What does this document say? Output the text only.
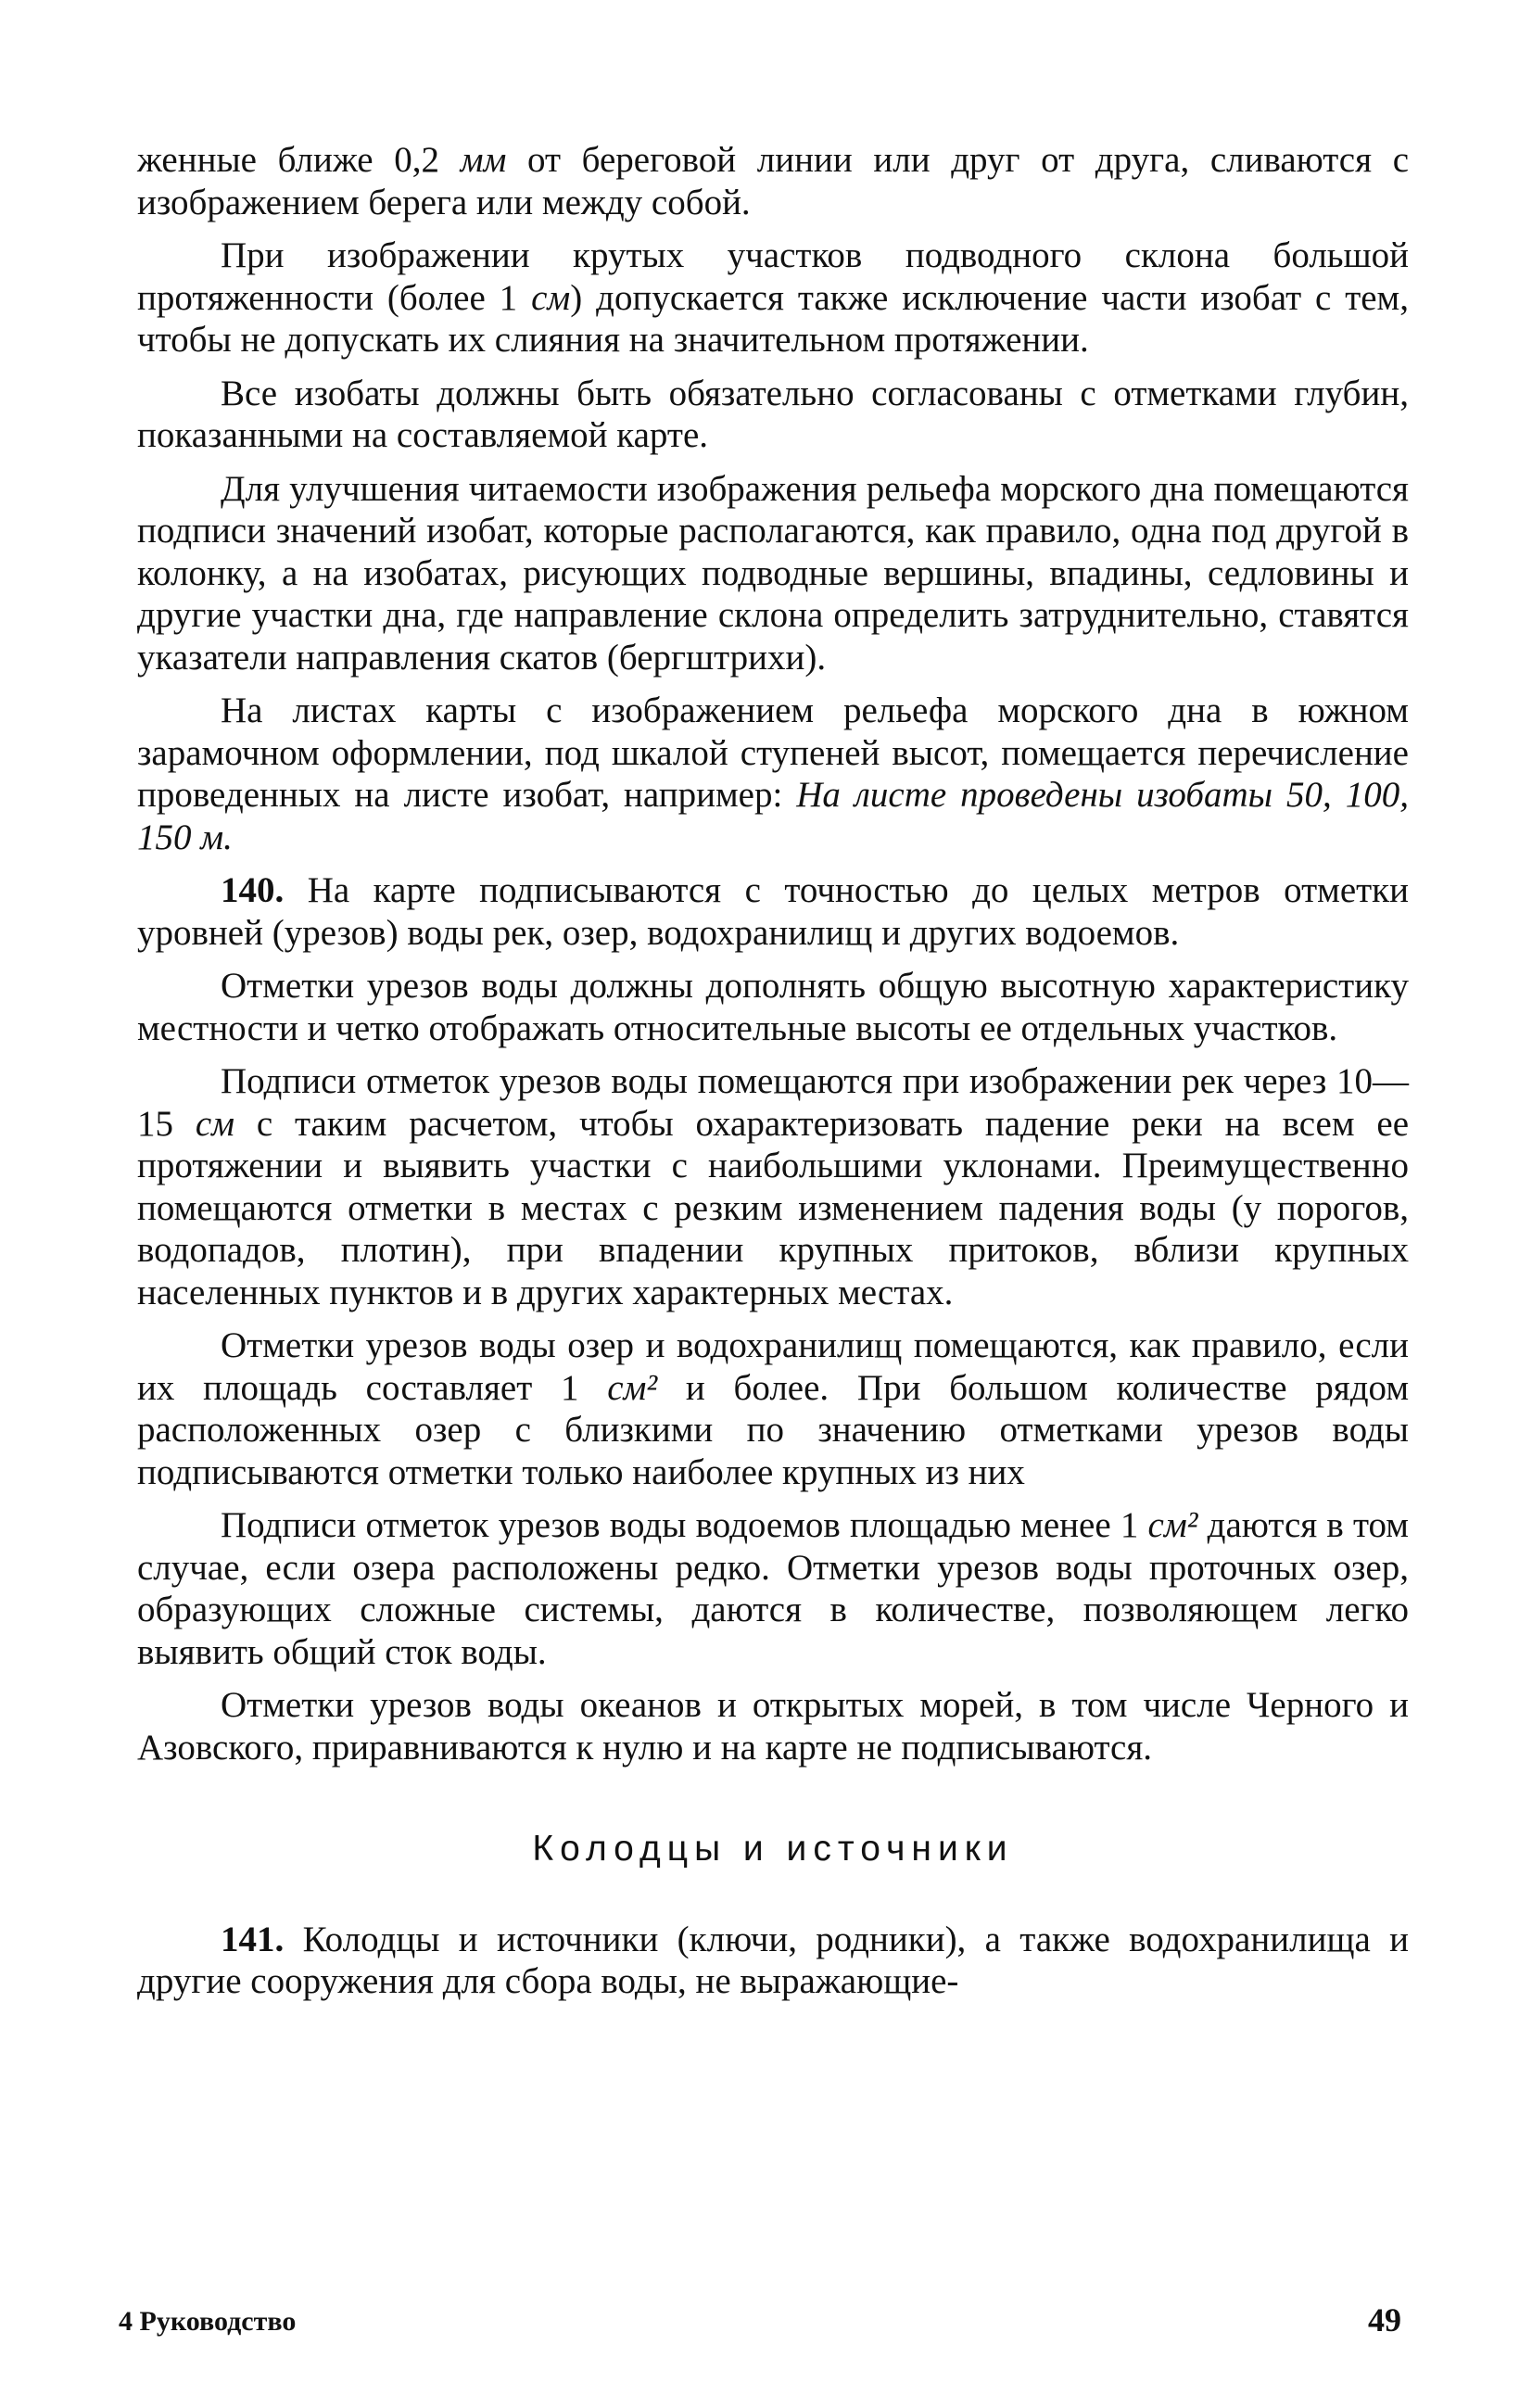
женные ближе 0,2 мм от береговой линии или друг от друга, сливаются с изображением берега или между собой.

При изображении крутых участков подводного склона большой протяженности (более 1 см) допускается также исключение части изобат с тем, чтобы не допускать их слияния на значительном протяжении.

Все изобаты должны быть обязательно согласованы с отметками глубин, показанными на составляемой карте.

Для улучшения читаемости изображения рельефа морского дна помещаются подписи значений изобат, которые располагаются, как правило, одна под другой в колонку, а на изобатах, рисующих подводные вершины, впадины, седловины и другие участки дна, где направление склона определить затруднительно, ставятся указатели направления скатов (бергштрихи).

На листах карты с изображением рельефа морского дна в южном зарамочном оформлении, под шкалой ступеней высот, помещается перечисление проведенных на листе изобат, например: На листе проведены изобаты 50, 100, 150 м.

140. На карте подписываются с точностью до целых метров отметки уровней (урезов) воды рек, озер, водохранилищ и других водоемов.

Отметки урезов воды должны дополнять общую высотную характеристику местности и четко отображать относительные высоты ее отдельных участков.

Подписи отметок урезов воды помещаются при изображении рек через 10—15 см с таким расчетом, чтобы охарактеризовать падение реки на всем ее протяжении и выявить участки с наибольшими уклонами. Преимущественно помещаются отметки в местах с резким изменением падения воды (у порогов, водопадов, плотин), при впадении крупных притоков, вблизи крупных населенных пунктов и в других характерных местах.

Отметки урезов воды озер и водохранилищ помещаются, как правило, если их площадь составляет 1 см² и более. При большом количестве рядом расположенных озер с близкими по значению отметками урезов воды подписываются отметки только наиболее крупных из них

Подписи отметок урезов воды водоемов площадью менее 1 см² даются в том случае, если озера расположены редко. Отметки урезов воды проточных озер, образующих сложные системы, даются в количестве, позволяющем легко выявить общий сток воды.

Отметки урезов воды океанов и открытых морей, в том числе Черного и Азовского, приравниваются к нулю и на карте не подписываются.

Колодцы и источники

141. Колодцы и источники (ключи, родники), а также водохранилища и другие сооружения для сбора воды, не выражающие-

4 Руководство	49
